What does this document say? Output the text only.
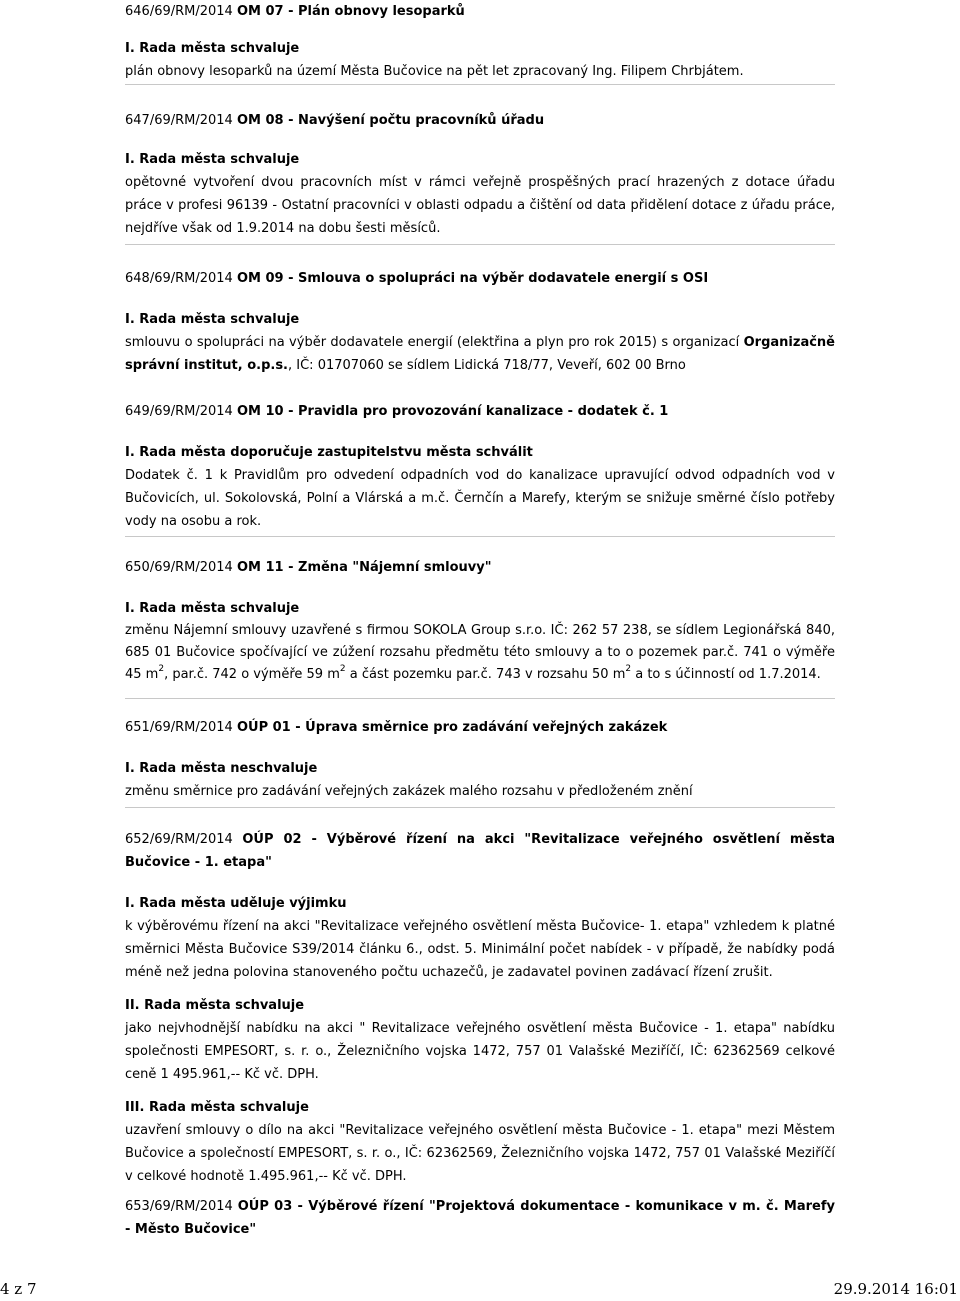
646/69/RM/2014 OM 07 - Plán obnovy lesoparků

I. Rada města schvaluje
plán obnovy lesoparků na území Města Bučovice na pět let zpracovaný Ing. Filipem Chrbjátem.

647/69/RM/2014 OM 08 - Navýšení počtu pracovníků úřadu

I. Rada města schvaluje
opětovné vytvoření dvou pracovních míst v rámci veřejně prospěšných prací hrazených z dotace úřadu práce v profesi 96139 - Ostatní pracovníci v oblasti odpadu a čištění od data přidělení dotace z úřadu práce, nejdříve však od 1.9.2014 na dobu šesti měsíců.

648/69/RM/2014 OM 09 - Smlouva o spolupráci na výběr dodavatele energií s OSI

I. Rada města schvaluje
smlouvu o spolupráci na výběr dodavatele energií (elektřina a plyn pro rok 2015) s organizací Organizačně správní institut, o.p.s., IČ: 01707060 se sídlem Lidická 718/77, Veveří, 602 00 Brno

649/69/RM/2014 OM 10 - Pravidla pro provozování kanalizace - dodatek č. 1

I. Rada města doporučuje zastupitelstvu města schválit
Dodatek č. 1 k Pravidlům pro odvedení odpadních vod do kanalizace upravující odvod odpadních vod v Bučovicích, ul. Sokolovská, Polní a Vlárská a m.č. Černčín a Marefy, kterým se snižuje směrné číslo potřeby vody na osobu a rok.

650/69/RM/2014 OM 11 - Změna "Nájemní smlouvy"

I. Rada města schvaluje
změnu Nájemní smlouvy uzavřené s firmou SOKOLA Group s.r.o. IČ: 262 57 238, se sídlem Legionářská 840, 685 01 Bučovice spočívající ve zúžení rozsahu předmětu této smlouvy a to o pozemek par.č. 741 o výměře 45 $m^2$, par.č. 742 o výměře 59 $m^2$ a část pozemku par.č. 743 v rozsahu 50 $m^2$ a to s účinností od 1.7.2014.

651/69/RM/2014 OÚP 01 - Úprava směrnice pro zadávání veřejných zakázek

I. Rada města neschvaluje
změnu směrnice pro zadávání veřejných zakázek malého rozsahu v předloženém znění

652/69/RM/2014 OÚP 02 - Výběrové řízení na akci "Revitalizace veřejného osvětlení města Bučovice - 1. etapa"

I. Rada města uděluje výjimku
k výběrovému řízení na akci "Revitalizace veřejného osvětlení města Bučovice- 1. etapa" vzhledem k platné směrnici Města Bučovice S39/2014 článku 6., odst. 5. Minimální počet nabídek - v případě, že nabídky podá méně než jedna polovina stanoveného počtu uchazečů, je zadavatel povinen zadávací řízení zrušit.
II. Rada města schvaluje
jako nejvhodnější nabídku na akci " Revitalizace veřejného osvětlení města Bučovice - 1. etapa" nabídku společnosti EMPESORT, s. r. o., Železničního vojska 1472, 757 01 Valašské Meziříčí, IČ: 62362569 celkové ceně 1 495.961,-- Kč vč. DPH.
III. Rada města schvaluje
uzavření smlouvy o dílo na akci "Revitalizace veřejného osvětlení města Bučovice - 1. etapa" mezi Městem Bučovice a společností EMPESORT, s. r. o., IČ: 62362569, Železničního vojska 1472, 757 01 Valašské Meziříčí v celkové hodnotě 1.495.961,-- Kč vč. DPH.

653/69/RM/2014 OÚP 03 - Výběrové řízení "Projektová dokumentace - komunikace v m. č. Marefy - Město Bučovice"

4 z 7	29.9.2014 16:01
